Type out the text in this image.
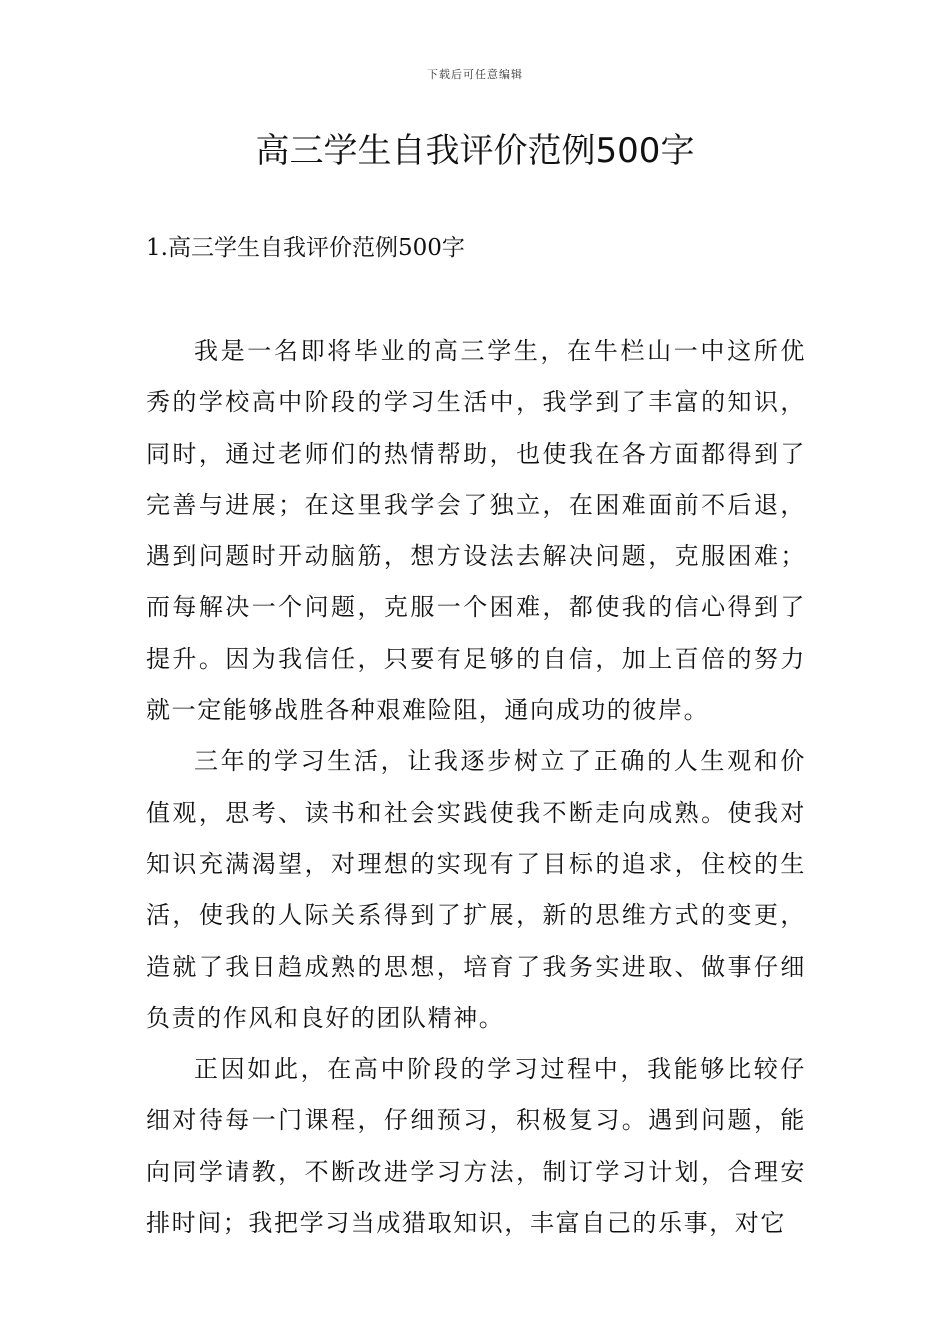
下载后可任意编辑
高三学生自我评价范例500字
1.高三学生自我评价范例500字

我是一名即将毕业的高三学生，在牛栏山一中这所优秀的学校高中阶段的学习生活中，我学到了丰富的知识，同时，通过老师们的热情帮助，也使我在各方面都得到了完善与进展；在这里我学会了独立，在困难面前不后退，遇到问题时开动脑筋，想方设法去解决问题，克服困难；而每解决一个问题，克服一个困难，都使我的信心得到了提升。因为我信任，只要有足够的自信，加上百倍的努力就一定能够战胜各种艰难险阻，通向成功的彼岸。

三年的学习生活，让我逐步树立了正确的人生观和价值观，思考、读书和社会实践使我不断走向成熟。使我对知识充满渴望，对理想的实现有了目标的追求，住校的生活，使我的人际关系得到了扩展，新的思维方式的变更，造就了我日趋成熟的思想，培育了我务实进取、做事仔细负责的作风和良好的团队精神。

正因如此，在高中阶段的学习过程中，我能够比较仔细对待每一门课程，仔细预习，积极复习。遇到问题，能向同学请教，不断改进学习方法，制订学习计划，合理安排时间；我把学习当成猎取知识，丰富自己的乐事，对它
